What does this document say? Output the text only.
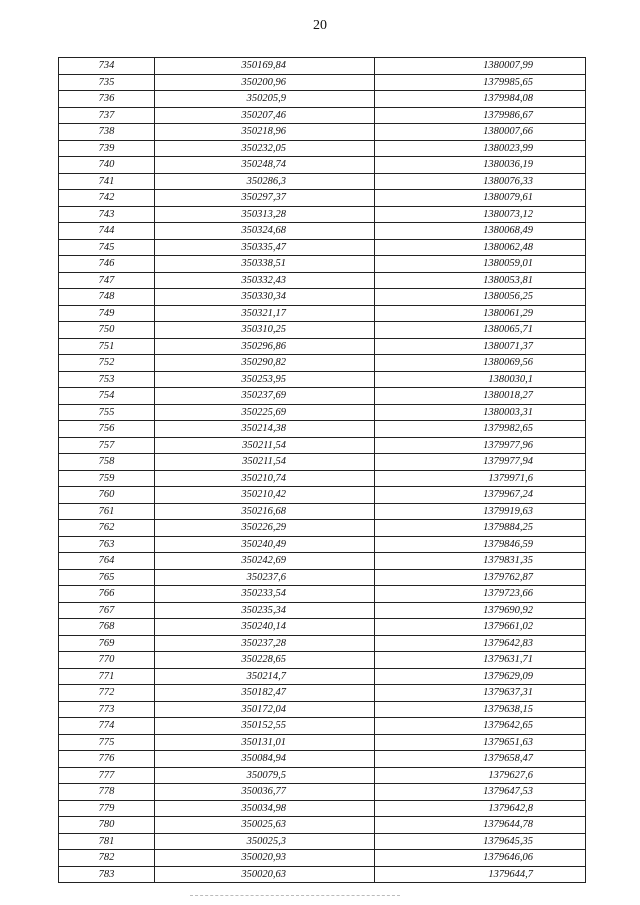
20
734	350169,84	1380007,99
735	350200,96	1379985,65
736	350205,9	1379984,08
737	350207,46	1379986,67
738	350218,96	1380007,66
739	350232,05	1380023,99
740	350248,74	1380036,19
741	350286,3	1380076,33
742	350297,37	1380079,61
743	350313,28	1380073,12
744	350324,68	1380068,49
745	350335,47	1380062,48
746	350338,51	1380059,01
747	350332,43	1380053,81
748	350330,34	1380056,25
749	350321,17	1380061,29
750	350310,25	1380065,71
751	350296,86	1380071,37
752	350290,82	1380069,56
753	350253,95	1380030,1
754	350237,69	1380018,27
755	350225,69	1380003,31
756	350214,38	1379982,65
757	350211,54	1379977,96
758	350211,54	1379977,94
759	350210,74	1379971,6
760	350210,42	1379967,24
761	350216,68	1379919,63
762	350226,29	1379884,25
763	350240,49	1379846,59
764	350242,69	1379831,35
765	350237,6	1379762,87
766	350233,54	1379723,66
767	350235,34	1379690,92
768	350240,14	1379661,02
769	350237,28	1379642,83
770	350228,65	1379631,71
771	350214,7	1379629,09
772	350182,47	1379637,31
773	350172,04	1379638,15
774	350152,55	1379642,65
775	350131,01	1379651,63
776	350084,94	1379658,47
777	350079,5	1379627,6
778	350036,77	1379647,53
779	350034,98	1379642,8
780	350025,63	1379644,78
781	350025,3	1379645,35
782	350020,93	1379646,06
783	350020,63	1379644,7
